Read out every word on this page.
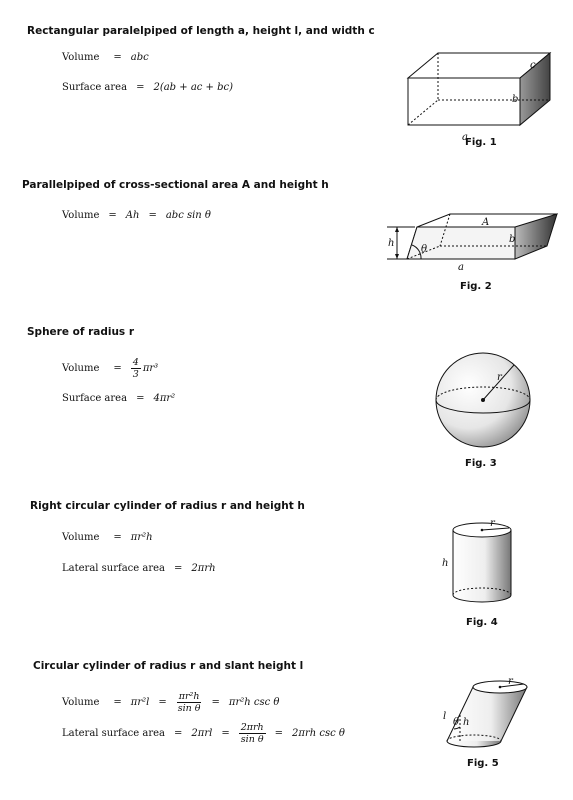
Rectangular paralelpiped of length a, height l, and width c
Volume = abc
Surface area = 2(ab + ac + bc)
c
b
a
Fig. 1
Parallelpiped of cross-sectional area A and height h
Volume = Ah = abc sin θ
h
θ
A
b
a
Fig. 2
Sphere of radius r
Volume = $\frac{4}{3} \pi r^3$
Surface area = 4πr²
r
Fig. 3
Right circular cylinder of radius r and height h
Volume = πr²h
Lateral surface area = 2πrh
r
h
Fig. 4
Circular cylinder of radius r and slant height l
Volume = $\pi r^2l = \frac{\text{πr²h}}{\text{sin θ}} = \pi r^2h$ csc θ
Lateral surface area = $2\pi rl = \frac{\text{2πrh}}{\text{sin θ}} = 2\pi rh$ csc θ
r
l
h
θ
Fig. 5
